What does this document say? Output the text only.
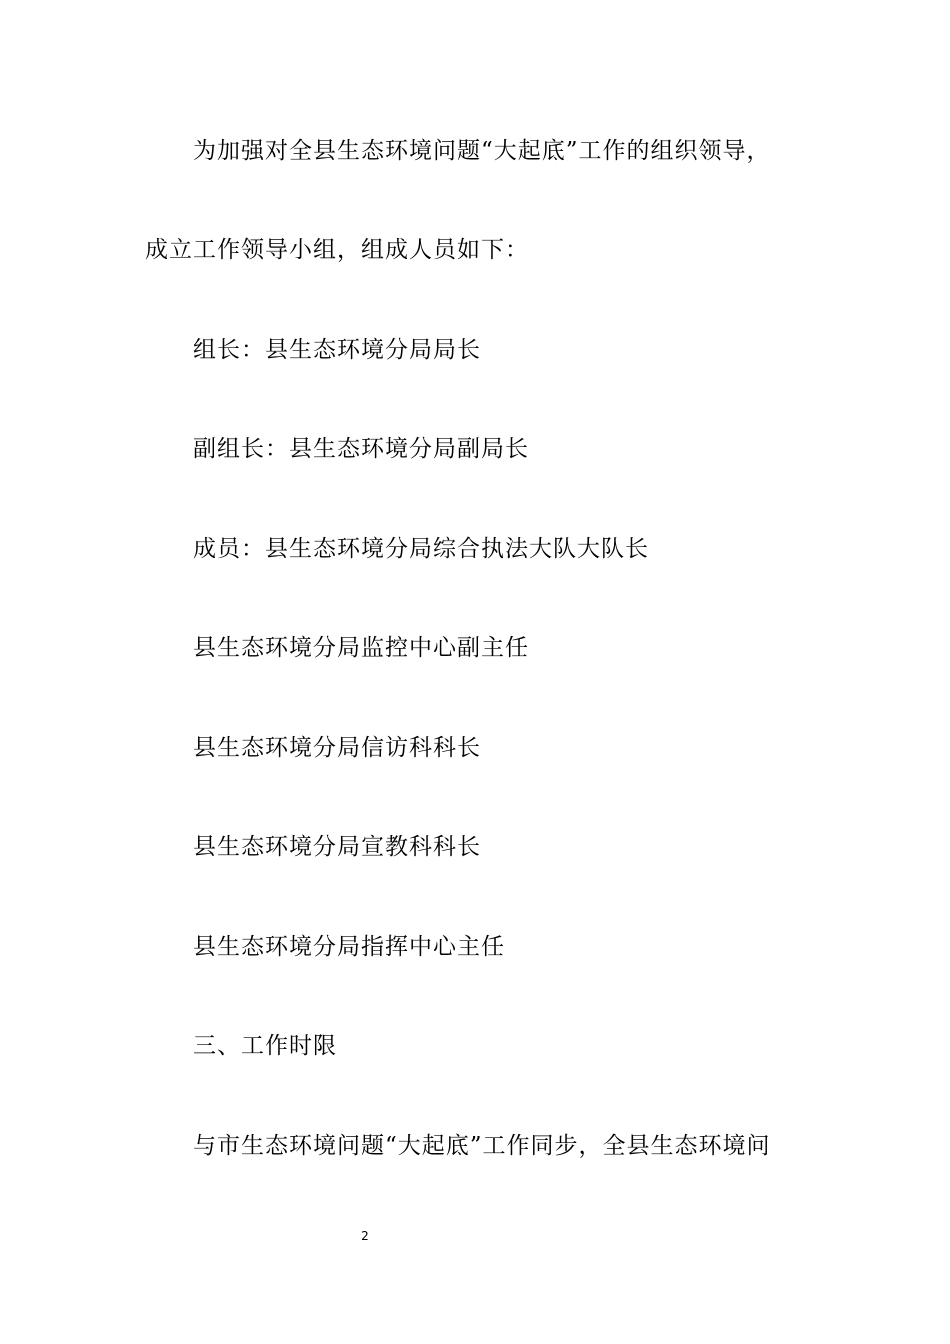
为加强对全县生态环境问题“大起底”工作的组织领导，
成立工作领导小组，组成人员如下：
组长：县生态环境分局局长
副组长：县生态环境分局副局长
成员：县生态环境分局综合执法大队大队长
县生态环境分局监控中心副主任
县生态环境分局信访科科长
县生态环境分局宣教科科长
县生态环境分局指挥中心主任
三、工作时限
与市生态环境问题“大起底”工作同步，全县生态环境问
2
